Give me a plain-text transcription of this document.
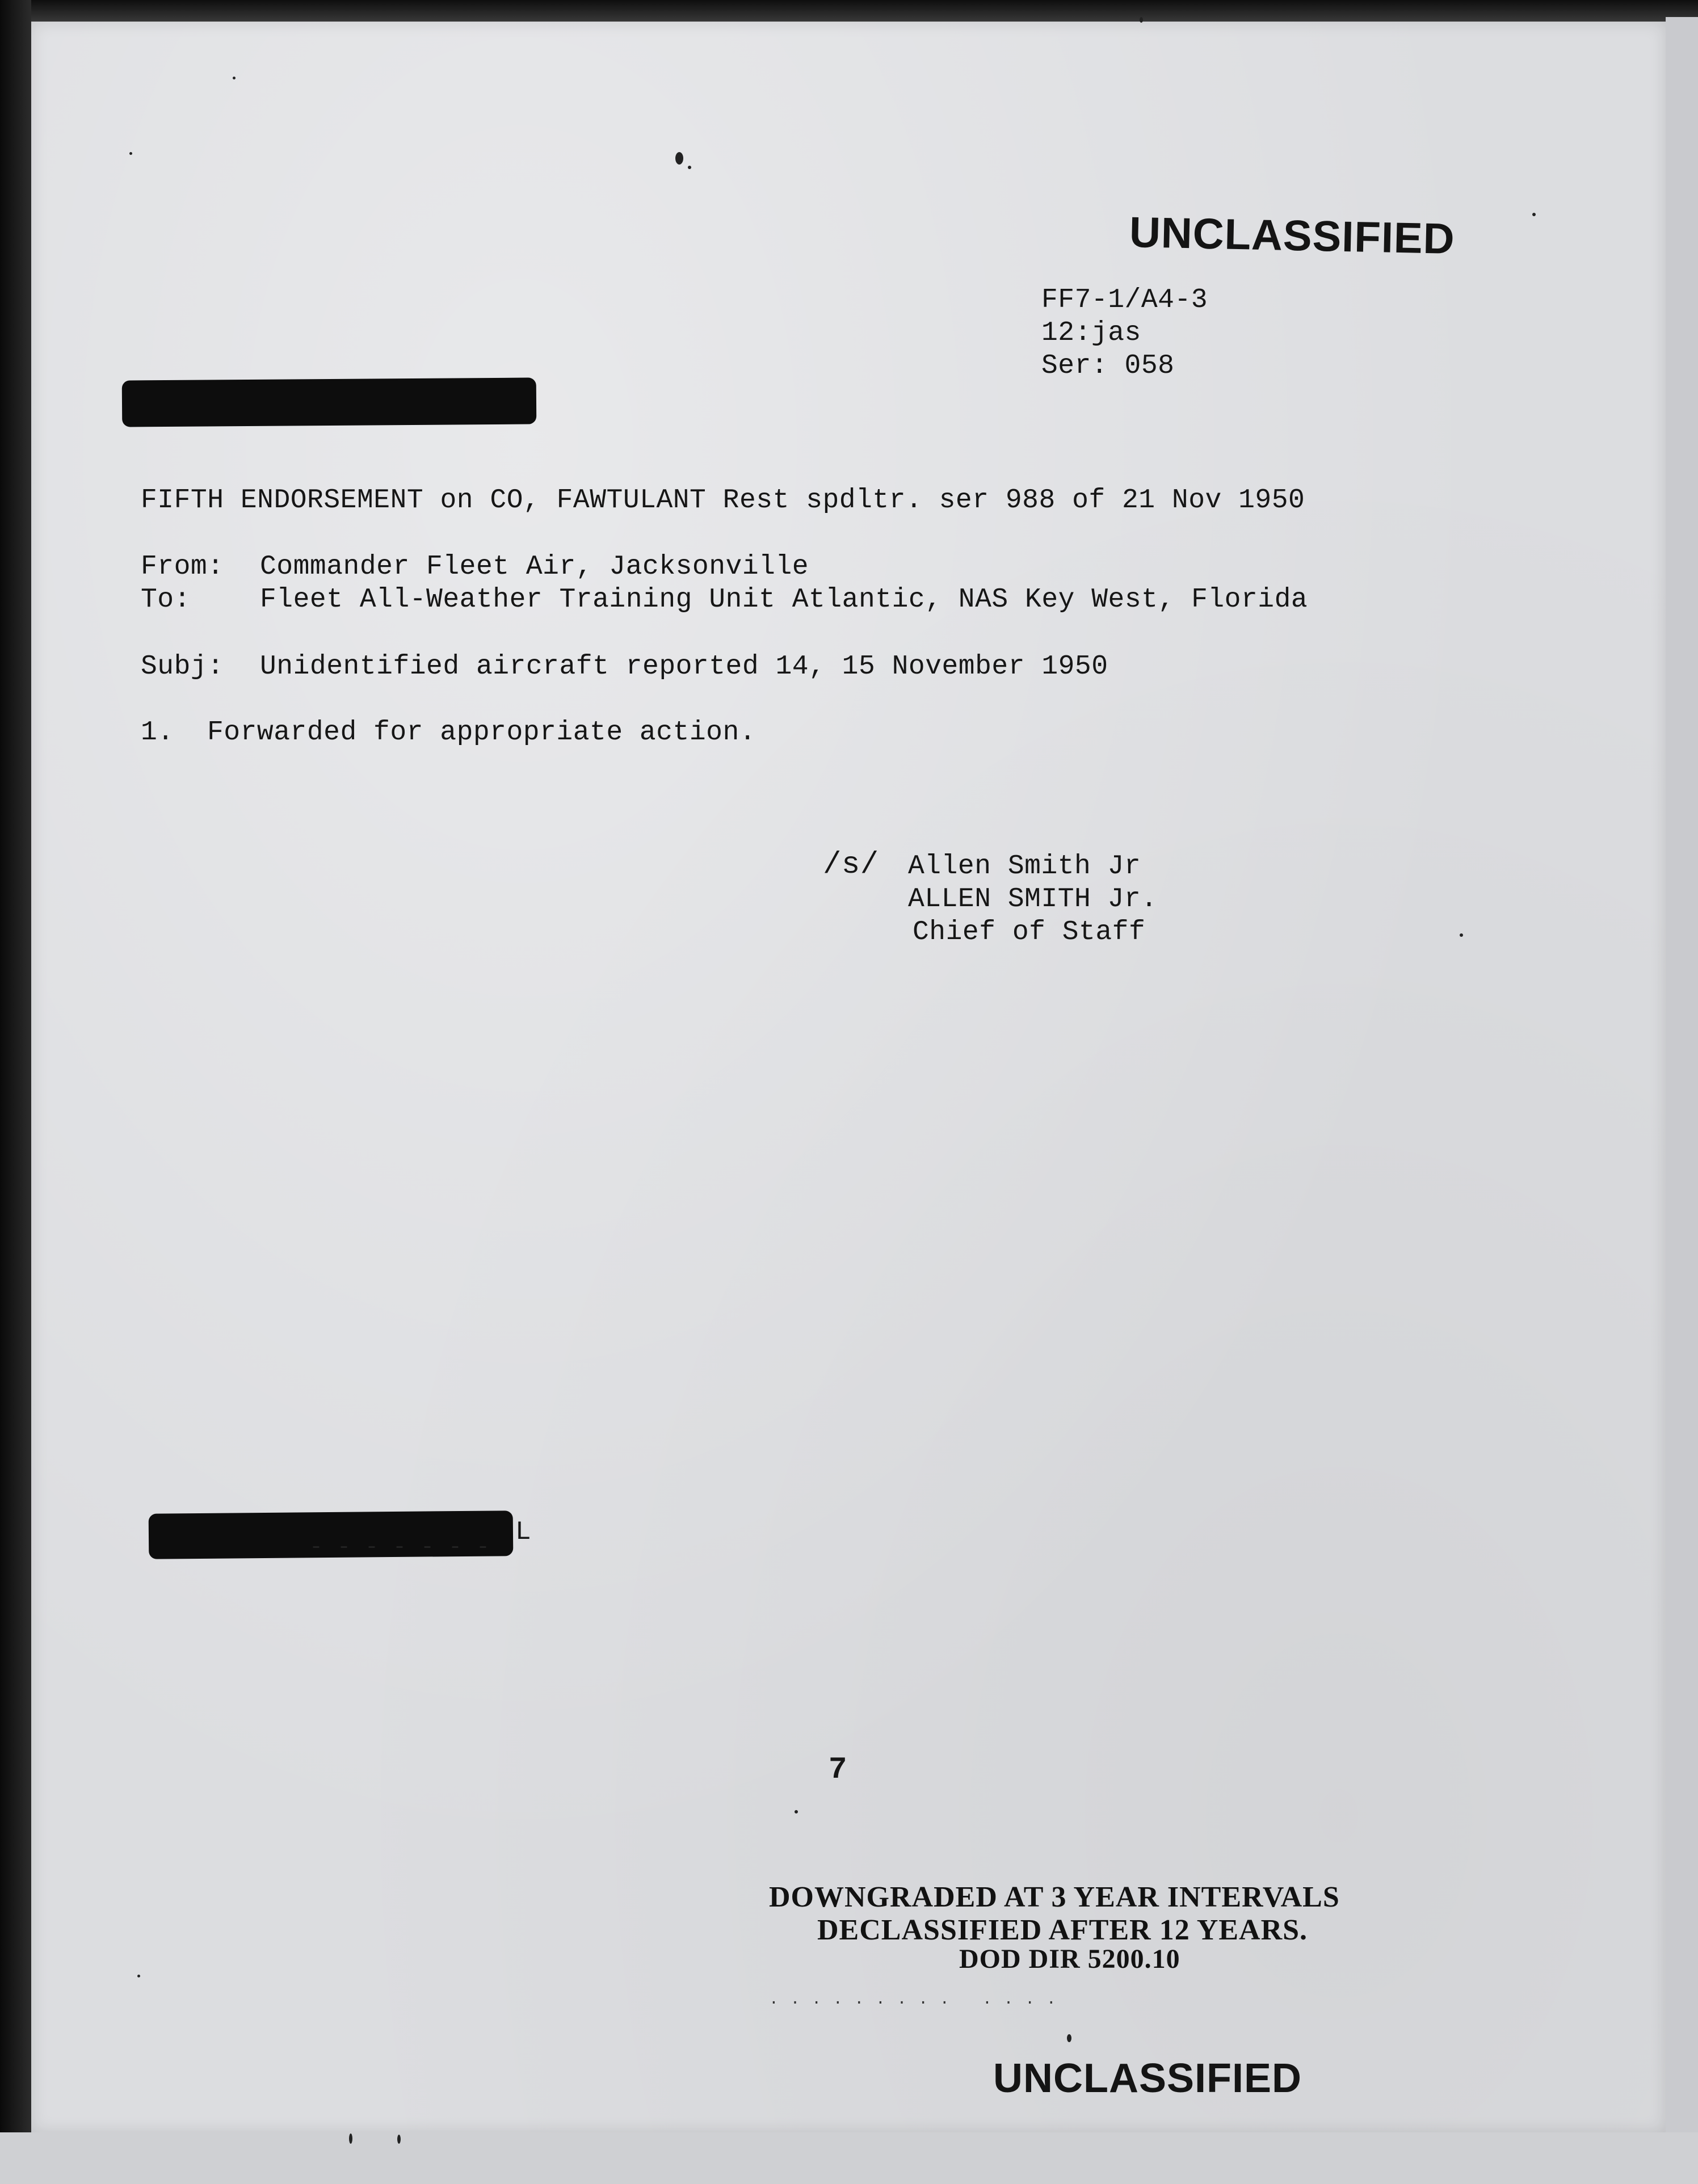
UNCLASSIFIED
FF7-1/A4-3
12:jas
Ser: 058
FIFTH ENDORSEMENT on CO, FAWTULANT Rest spdltr. ser 988 of 21 Nov 1950
From: Commander Fleet Air, Jacksonville
To:	Fleet All-Weather Training Unit Atlantic, NAS Key West, Florida
Subj: Unidentified aircraft reported 14, 15 November 1950
1. Forwarded for appropriate action.
/s/ Allen Smith Jr
ALLEN SMITH Jr.
Chief of Staff
- - - - - - -
L
7
DOWNGRADED AT 3 YEAR INTERVALS
DECLASSIFIED AFTER 12 YEARS.
DOD DIR 5200.10
. . . . . . . . .   . . . .
UNCLASSIFIED
